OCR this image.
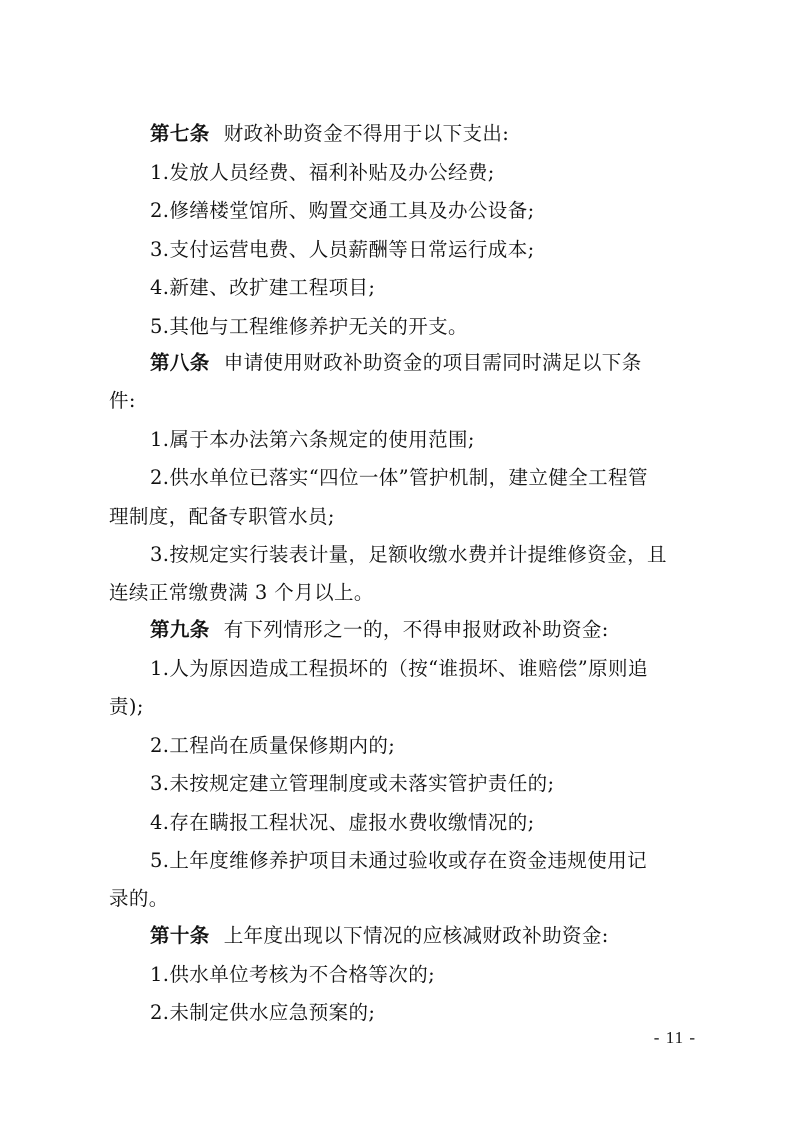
第七条 财政补助资金不得用于以下支出:
1.发放人员经费、福利补贴及办公经费;
2.修缮楼堂馆所、购置交通工具及办公设备;
3.支付运营电费、人员薪酬等日常运行成本;
4.新建、改扩建工程项目;
5.其他与工程维修养护无关的开支。
第八条 申请使用财政补助资金的项目需同时满足以下条
件:
1.属于本办法第六条规定的使用范围;
2.供水单位已落实“四位一体”管护机制，建立健全工程管
理制度，配备专职管水员;
3.按规定实行装表计量，足额收缴水费并计提维修资金，且
连续正常缴费满 3 个月以上。
第九条 有下列情形之一的，不得申报财政补助资金:
1.人为原因造成工程损坏的（按“谁损坏、谁赔偿”原则追
责);
2.工程尚在质量保修期内的;
3.未按规定建立管理制度或未落实管护责任的;
4.存在瞒报工程状况、虚报水费收缴情况的;
5.上年度维修养护项目未通过验收或存在资金违规使用记
录的。
第十条 上年度出现以下情况的应核减财政补助资金:
1.供水单位考核为不合格等次的;
2.未制定供水应急预案的;
- 11 -
